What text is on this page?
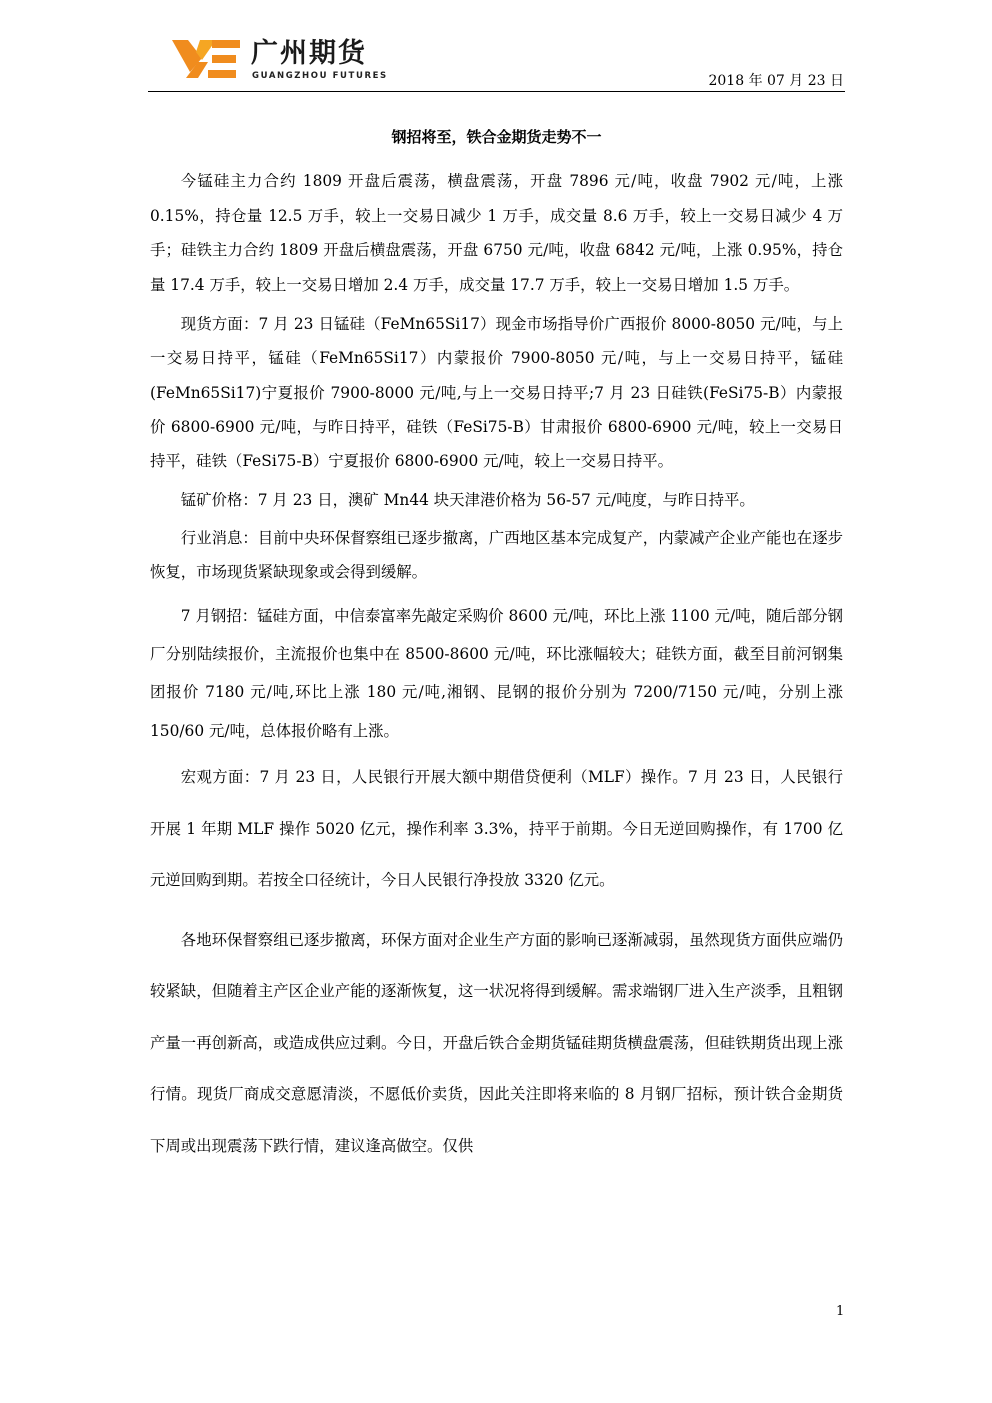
广州期货
GUANGZHOU FUTURES	2018 年 07 月 23 日
钢招将至，铁合金期货走势不一

今锰硅主力合约 1809 开盘后震荡，横盘震荡，开盘 7896 元/吨，收盘 7902 元/吨，上涨 0.15%，持仓量 12.5 万手，较上一交易日减少 1 万手，成交量 8.6 万手，较上一交易日减少 4 万手；硅铁主力合约 1809 开盘后横盘震荡，开盘 6750 元/吨，收盘 6842 元/吨，上涨 0.95%，持仓量 17.4 万手，较上一交易日增加 2.4 万手，成交量 17.7 万手，较上一交易日增加 1.5 万手。

现货方面：7 月 23 日锰硅（FeMn65Si17）现金市场指导价广西报价 8000-8050 元/吨，与上一交易日持平，锰硅（FeMn65Si17）内蒙报价 7900-8050 元/吨，与上一交易日持平，锰硅(FeMn65Si17)宁夏报价 7900-8000 元/吨,与上一交易日持平;7 月 23 日硅铁(FeSi75-B）内蒙报价 6800-6900 元/吨，与昨日持平，硅铁（FeSi75-B）甘肃报价 6800-6900 元/吨，较上一交易日持平，硅铁（FeSi75-B）宁夏报价 6800-6900 元/吨，较上一交易日持平。

锰矿价格：7 月 23 日，澳矿 Mn44 块天津港价格为 56-57 元/吨度，与昨日持平。

行业消息：目前中央环保督察组已逐步撤离，广西地区基本完成复产，内蒙减产企业产能也在逐步恢复，市场现货紧缺现象或会得到缓解。

7 月钢招：锰硅方面，中信泰富率先敲定采购价 8600 元/吨，环比上涨 1100 元/吨，随后部分钢厂分别陆续报价，主流报价也集中在 8500-8600 元/吨，环比涨幅较大；硅铁方面，截至目前河钢集团报价 7180 元/吨,环比上涨 180 元/吨,湘钢、昆钢的报价分别为 7200/7150 元/吨，分别上涨 150/60 元/吨，总体报价略有上涨。

宏观方面：7 月 23 日，人民银行开展大额中期借贷便利（MLF）操作。7 月 23 日，人民银行开展 1 年期 MLF 操作 5020 亿元，操作利率 3.3%，持平于前期。今日无逆回购操作，有 1700 亿元逆回购到期。若按全口径统计，今日人民银行净投放 3320 亿元。

各地环保督察组已逐步撤离，环保方面对企业生产方面的影响已逐渐减弱，虽然现货方面供应端仍较紧缺，但随着主产区企业产能的逐渐恢复，这一状况将得到缓解。需求端钢厂进入生产淡季，且粗钢产量一再创新高，或造成供应过剩。今日，开盘后铁合金期货锰硅期货横盘震荡，但硅铁期货出现上涨行情。现货厂商成交意愿清淡，不愿低价卖货，因此关注即将来临的 8 月钢厂招标，预计铁合金期货下周或出现震荡下跌行情，建议逢高做空。仅供

1
